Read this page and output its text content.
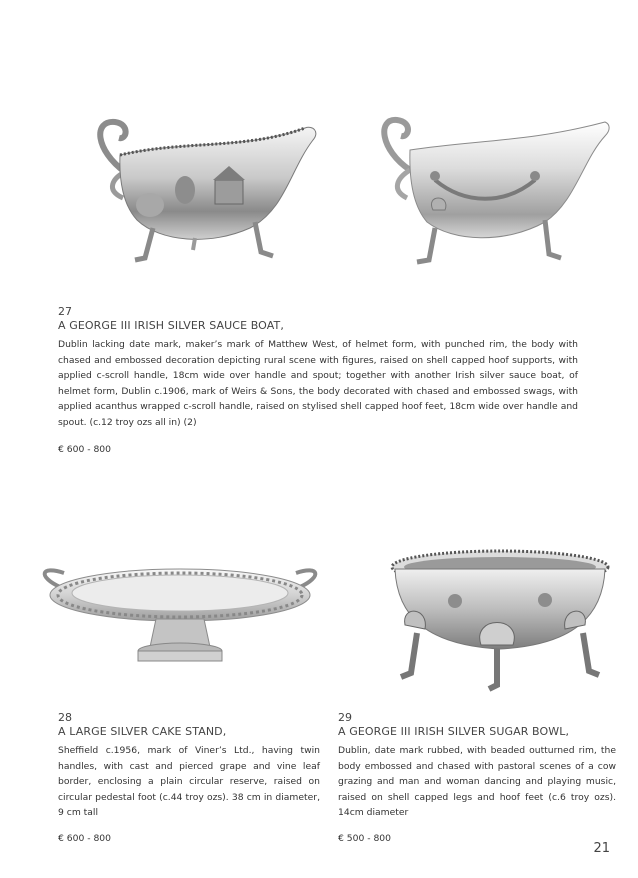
27
A GEORGE III IRISH SILVER SAUCE BOAT,
Dublin lacking date mark, maker’s mark of Matthew West, of helmet form, with punched rim, the body with chased and embossed decoration depicting rural scene with figures, raised on shell capped hoof supports, with applied c-scroll handle, 18cm wide over handle and spout; together with another Irish silver sauce boat, of helmet form, Dublin c.1906, mark of Weirs & Sons, the body decorated with chased and embossed swags, with applied acanthus wrapped c-scroll handle, raised on stylised shell capped hoof feet, 18cm wide over handle and spout. (c.12 troy ozs all in) (2)
€ 600 - 800
28
A LARGE SILVER CAKE STAND,
Sheffield c.1956, mark of Viner’s Ltd., having twin handles, with cast and pierced grape and vine leaf border, enclosing a plain circular reserve, raised on circular pedestal foot (c.44 troy ozs). 38 cm in diameter, 9 cm tall
€ 600 - 800
29
A GEORGE III IRISH SILVER SUGAR BOWL,
Dublin, date mark rubbed, with beaded outturned rim, the body embossed and chased with pastoral scenes of a cow grazing and man and woman dancing and playing music, raised on shell capped legs and hoof feet (c.6 troy ozs). 14cm diameter
€ 500 - 800
21
